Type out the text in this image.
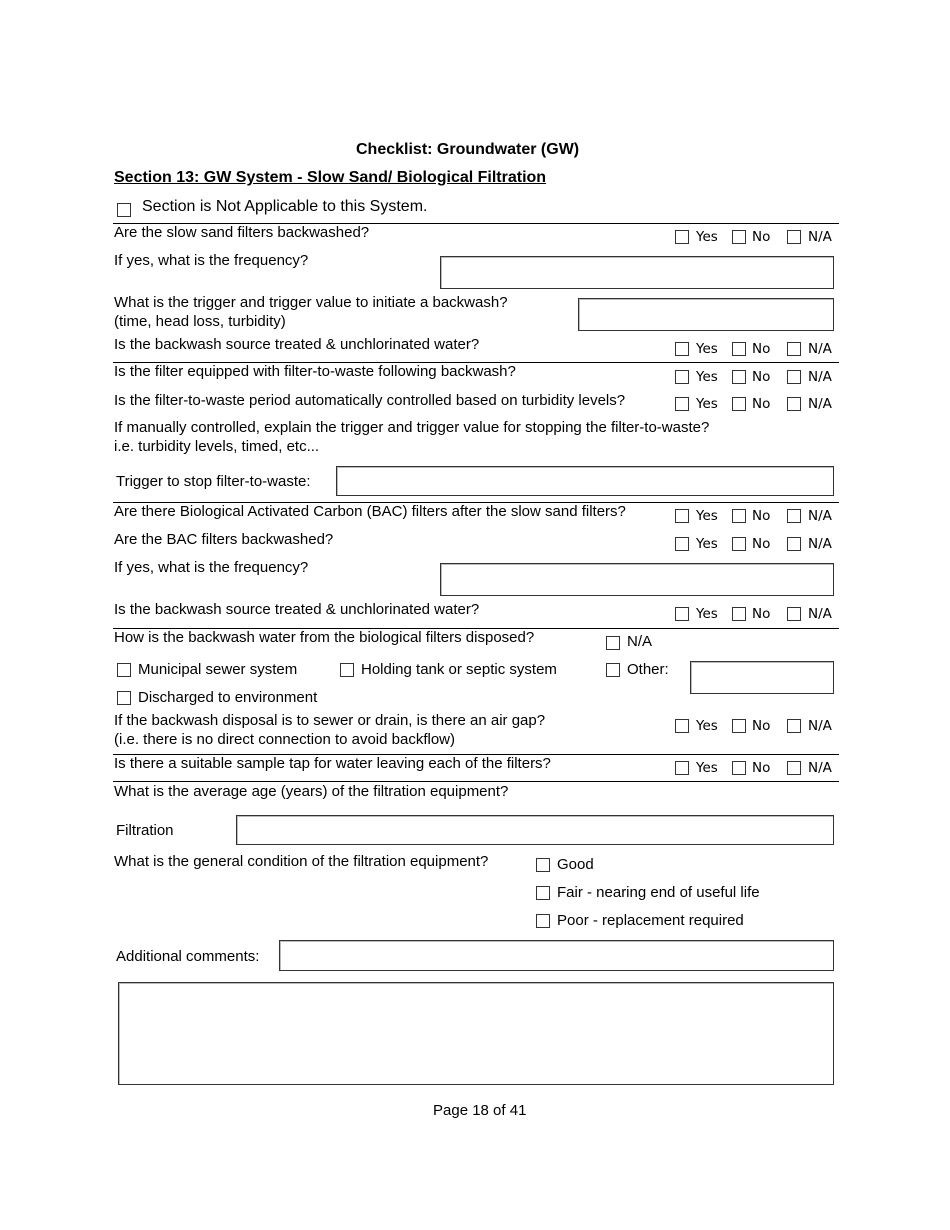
Checklist: Groundwater (GW)
Section 13: GW System - Slow Sand/ Biological Filtration
Section is Not Applicable to this System.
Are the slow sand filters backwashed?	Yes	No	N/A
If yes, what is the frequency?
What is the trigger and trigger value to initiate a backwash?
(time, head loss, turbidity)
Is the backwash source treated & unchlorinated water?	Yes	No	N/A
Is the filter equipped with filter-to-waste following backwash?	Yes	No	N/A
Is the filter-to-waste period automatically controlled based on turbidity levels?	Yes	No	N/A
If manually controlled, explain the trigger and trigger value for stopping the filter-to-waste?
i.e. turbidity levels, timed, etc...
Trigger to stop filter-to-waste:
Are there Biological Activated Carbon (BAC) filters after the slow sand filters?	Yes	No	N/A
Are the BAC filters backwashed?	Yes	No	N/A
If yes, what is the frequency?
Is the backwash source treated & unchlorinated water?	Yes	No	N/A
How is the backwash water from the biological filters disposed?	N/A
Municipal sewer system	Holding tank or septic system	Other:
Discharged to environment
If the backwash disposal is to sewer or drain, is there an air gap?
(i.e. there is no direct connection to avoid backflow)
Yes	No	N/A
Is there a suitable sample tap for water leaving each of the filters?	Yes	No	N/A
What is the average age (years) of the filtration equipment?
Filtration
What is the general condition of the filtration equipment?	Good
Fair - nearing end of useful life
Poor - replacement required
Additional comments:
Page 18 of 41
